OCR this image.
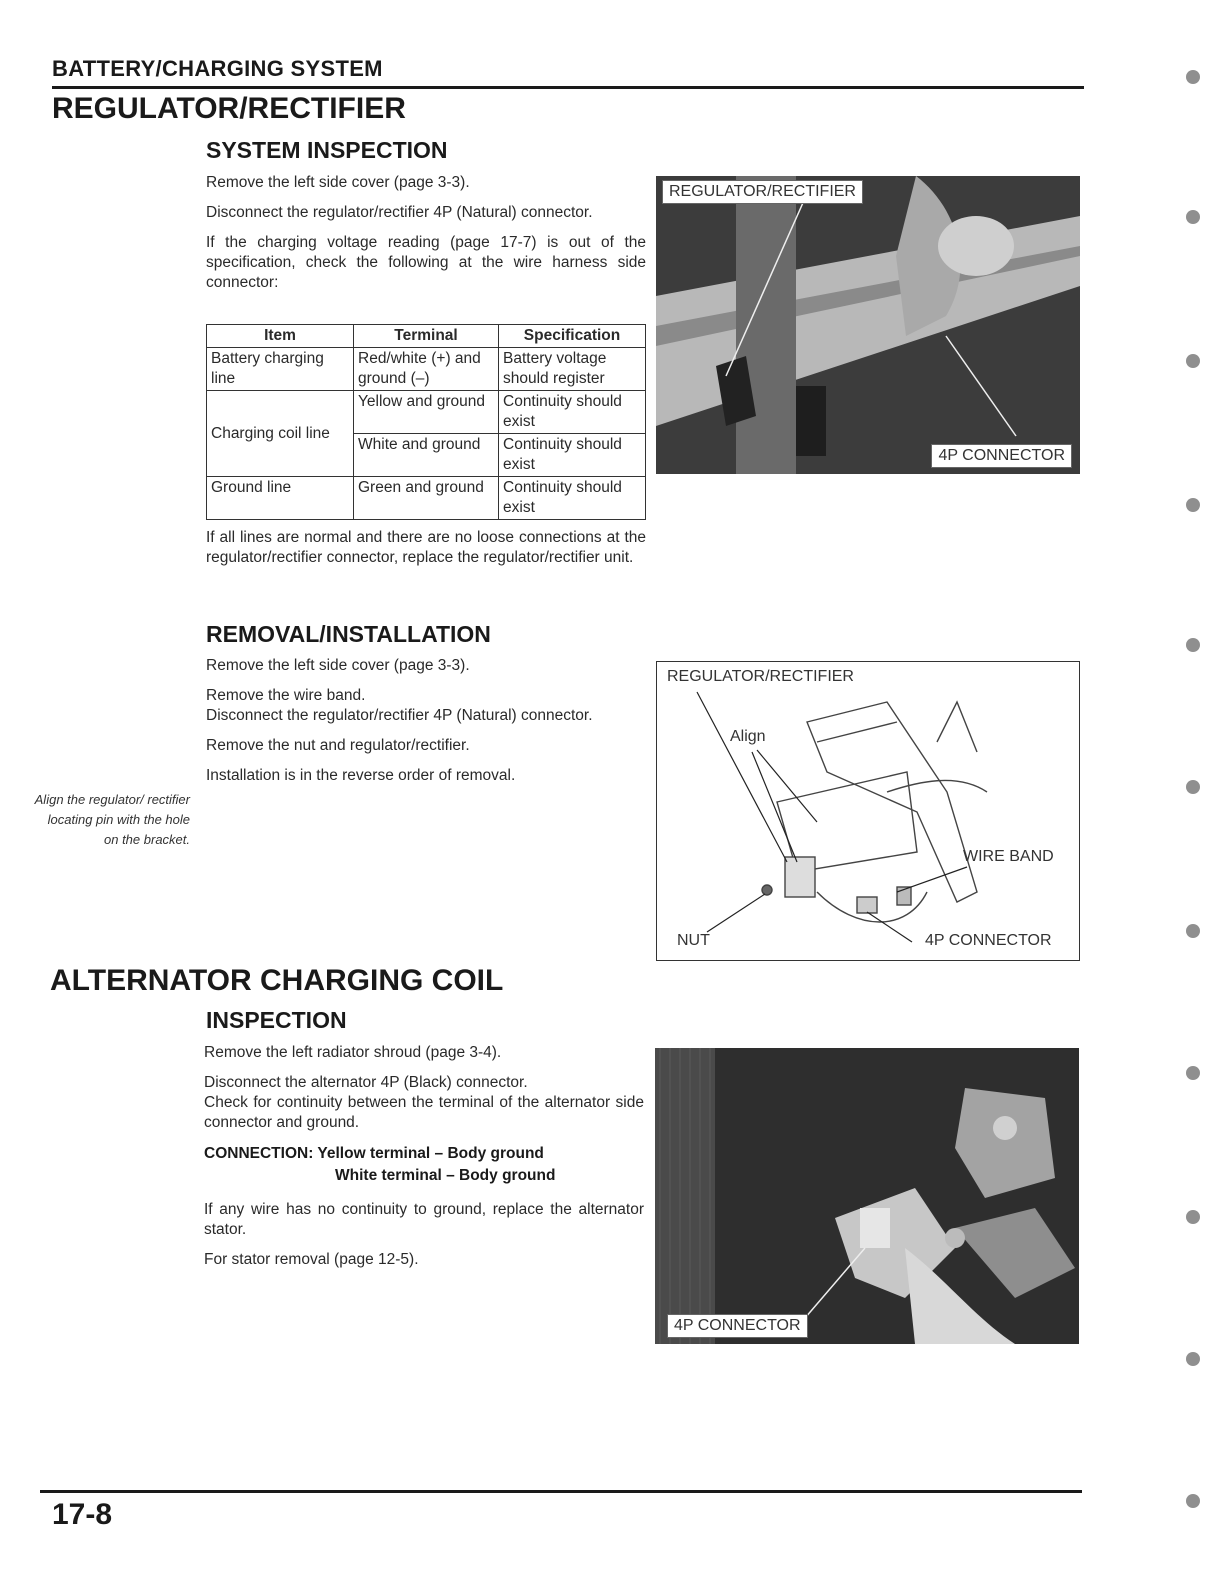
BATTERY/CHARGING SYSTEM
REGULATOR/RECTIFIER
SYSTEM INSPECTION

Remove the left side cover (page 3-3).

Disconnect the regulator/rectifier 4P (Natural) connector.

If the charging voltage reading (page 17-7) is out of the specification, check the following at the wire harness side connector:

Item	Terminal	Specification
Battery charging line	Red/white (+) and ground (–)	Battery voltage should register
Charging coil line	Yellow and ground	Continuity should exist
	White and ground	Continuity should exist
Ground line	Green and ground	Continuity should exist

If all lines are normal and there are no loose connections at the regulator/rectifier connector, replace the regulator/rectifier unit.

REGULATOR/RECTIFIER
4P CONNECTOR
REMOVAL/INSTALLATION

Remove the left side cover (page 3-3).

Remove the wire band.

Disconnect the regulator/rectifier 4P (Natural) connector.

Remove the nut and regulator/rectifier.

Installation is in the reverse order of removal.

Align the regulator/ rectifier locating pin with the hole on the bracket.
REGULATOR/RECTIFIER
Align
WIRE BAND
NUT	4P CONNECTOR
ALTERNATOR CHARGING COIL
INSPECTION

Remove the left radiator shroud (page 3-4).

Disconnect the alternator 4P (Black) connector.

Check for continuity between the terminal of the alternator side connector and ground.

CONNECTION: Yellow terminal – Body ground
White terminal – Body ground

If any wire has no continuity to ground, replace the alternator stator.

For stator removal (page 12-5).

4P CONNECTOR
17-8
